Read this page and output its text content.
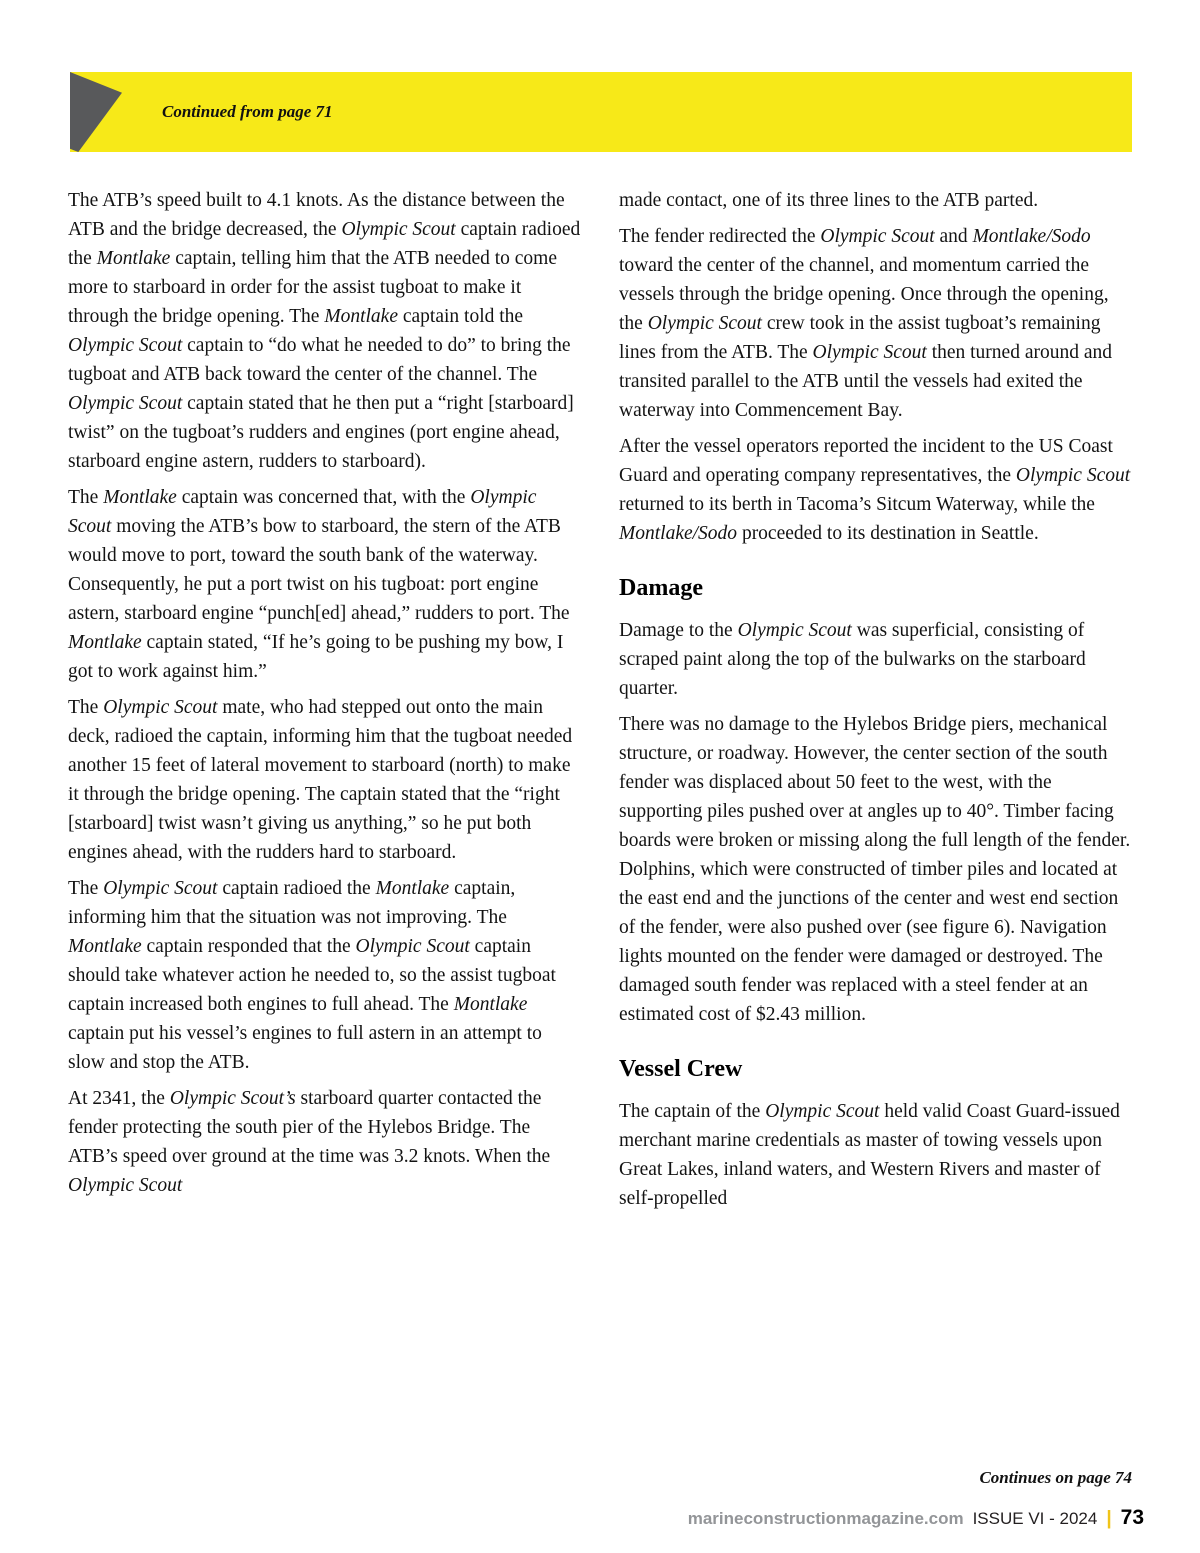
Continued from page 71

The ATB’s speed built to 4.1 knots. As the distance between the ATB and the bridge decreased, the Olympic Scout captain radioed the Montlake captain, telling him that the ATB needed to come more to starboard in order for the assist tugboat to make it through the bridge opening. The Montlake captain told the Olympic Scout captain to “do what he needed to do” to bring the tugboat and ATB back toward the center of the channel. The Olympic Scout captain stated that he then put a “right [starboard] twist” on the tugboat’s rudders and engines (port engine ahead, starboard engine astern, rudders to starboard).

The Montlake captain was concerned that, with the Olympic Scout moving the ATB’s bow to starboard, the stern of the ATB would move to port, toward the south bank of the waterway. Consequently, he put a port twist on his tugboat: port engine astern, starboard engine “punch[ed] ahead,” rudders to port. The Montlake captain stated, “If he’s going to be pushing my bow, I got to work against him.”

The Olympic Scout mate, who had stepped out onto the main deck, radioed the captain, informing him that the tugboat needed another 15 feet of lateral movement to starboard (north) to make it through the bridge opening. The captain stated that the “right [starboard] twist wasn’t giving us anything,” so he put both engines ahead, with the rudders hard to starboard.

The Olympic Scout captain radioed the Montlake captain, informing him that the situation was not improving. The Montlake captain responded that the Olympic Scout captain should take whatever action he needed to, so the assist tugboat captain increased both engines to full ahead. The Montlake captain put his vessel’s engines to full astern in an attempt to slow and stop the ATB.

At 2341, the Olympic Scout’s starboard quarter contacted the fender protecting the south pier of the Hylebos Bridge. The ATB’s speed over ground at the time was 3.2 knots. When the Olympic Scout

made contact, one of its three lines to the ATB parted.

The fender redirected the Olympic Scout and Montlake/Sodo toward the center of the channel, and momentum carried the vessels through the bridge opening. Once through the opening, the Olympic Scout crew took in the assist tugboat’s remaining lines from the ATB. The Olympic Scout then turned around and transited parallel to the ATB until the vessels had exited the waterway into Commencement Bay.

After the vessel operators reported the incident to the US Coast Guard and operating company representatives, the Olympic Scout returned to its berth in Tacoma’s Sitcum Waterway, while the Montlake/Sodo proceeded to its destination in Seattle.

Damage

Damage to the Olympic Scout was superficial, consisting of scraped paint along the top of the bulwarks on the starboard quarter.

There was no damage to the Hylebos Bridge piers, mechanical structure, or roadway. However, the center section of the south fender was displaced about 50 feet to the west, with the supporting piles pushed over at angles up to 40°. Timber facing boards were broken or missing along the full length of the fender. Dolphins, which were constructed of timber piles and located at the east end and the junctions of the center and west end section of the fender, were also pushed over (see figure 6). Navigation lights mounted on the fender were damaged or destroyed. The damaged south fender was replaced with a steel fender at an estimated cost of $2.43 million.

Vessel Crew

The captain of the Olympic Scout held valid Coast Guard-issued merchant marine credentials as master of towing vessels upon Great Lakes, inland waters, and Western Rivers and master of self-propelled

Continues on page 74
marineconstructionmagazine.com ISSUE VI - 2024 | 73
